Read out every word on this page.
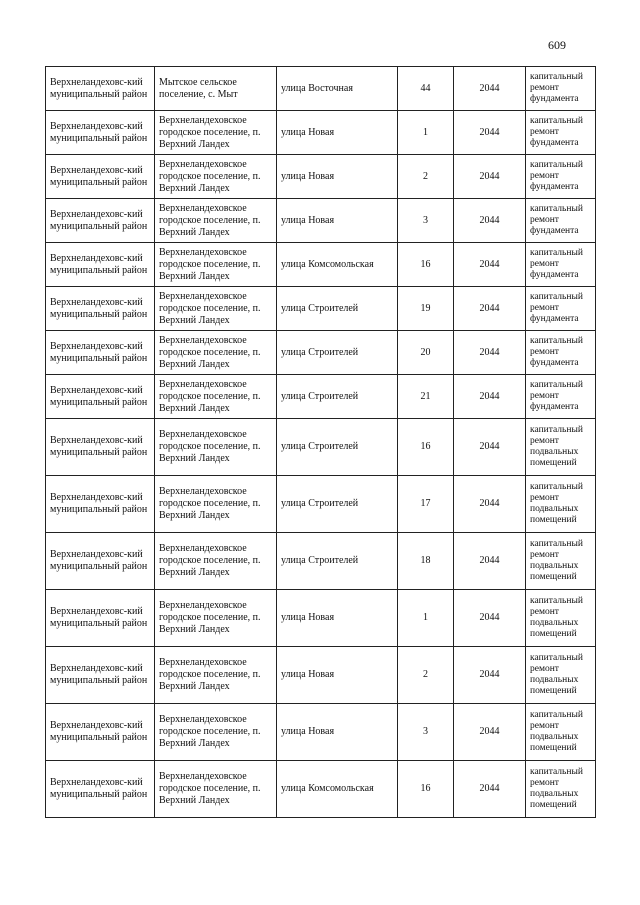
609
Верхнеландеховс-кий муниципальный район	Мытское сельское поселение, с. Мыт	улица Восточная	44	2044	капитальный ремонт фундамента
Верхнеландеховс-кий муниципальный район	Верхнеландеховское городское поселение, п. Верхний Ландех	улица Новая	1	2044	капитальный ремонт фундамента
Верхнеландеховс-кий муниципальный район	Верхнеландеховское городское поселение, п. Верхний Ландех	улица Новая	2	2044	капитальный ремонт фундамента
Верхнеландеховс-кий муниципальный район	Верхнеландеховское городское поселение, п. Верхний Ландех	улица Новая	3	2044	капитальный ремонт фундамента
Верхнеландеховс-кий муниципальный район	Верхнеландеховское городское поселение, п. Верхний Ландех	улица Комсомольская	16	2044	капитальный ремонт фундамента
Верхнеландеховс-кий муниципальный район	Верхнеландеховское городское поселение, п. Верхний Ландех	улица Строителей	19	2044	капитальный ремонт фундамента
Верхнеландеховс-кий муниципальный район	Верхнеландеховское городское поселение, п. Верхний Ландех	улица Строителей	20	2044	капитальный ремонт фундамента
Верхнеландеховс-кий муниципальный район	Верхнеландеховское городское поселение, п. Верхний Ландех	улица Строителей	21	2044	капитальный ремонт фундамента
Верхнеландеховс-кий муниципальный район	Верхнеландеховское городское поселение, п. Верхний Ландех	улица Строителей	16	2044	капитальный ремонт подвальных помещений
Верхнеландеховс-кий муниципальный район	Верхнеландеховское городское поселение, п. Верхний Ландех	улица Строителей	17	2044	капитальный ремонт подвальных помещений
Верхнеландеховс-кий муниципальный район	Верхнеландеховское городское поселение, п. Верхний Ландех	улица Строителей	18	2044	капитальный ремонт подвальных помещений
Верхнеландеховс-кий муниципальный район	Верхнеландеховское городское поселение, п. Верхний Ландех	улица Новая	1	2044	капитальный ремонт подвальных помещений
Верхнеландеховс-кий муниципальный район	Верхнеландеховское городское поселение, п. Верхний Ландех	улица Новая	2	2044	капитальный ремонт подвальных помещений
Верхнеландеховс-кий муниципальный район	Верхнеландеховское городское поселение, п. Верхний Ландех	улица Новая	3	2044	капитальный ремонт подвальных помещений
Верхнеландеховс-кий муниципальный район	Верхнеландеховское городское поселение, п. Верхний Ландех	улица Комсомольская	16	2044	капитальный ремонт подвальных помещений
